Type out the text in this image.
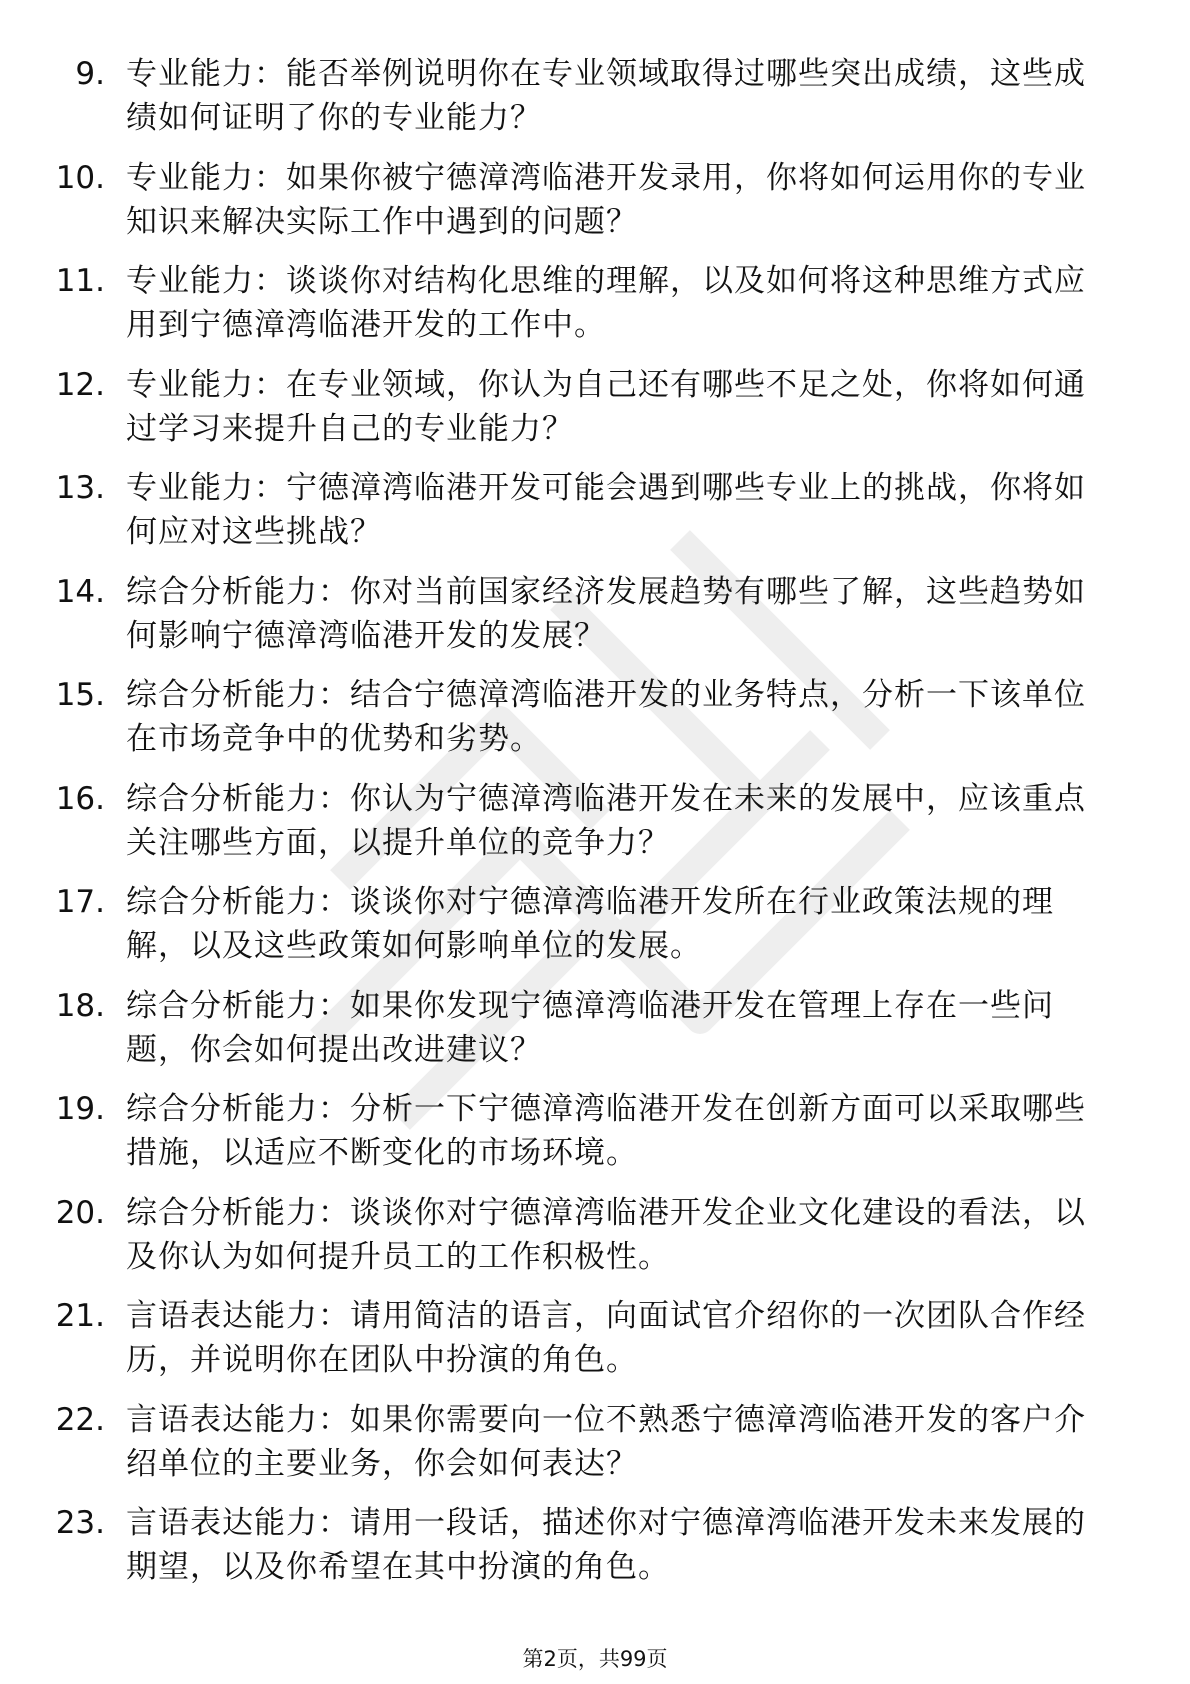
9. 专业能力：能否举例说明你在专业领域取得过哪些突出成绩，这些成绩如何证明了你的专业能力？
10. 专业能力：如果你被宁德漳湾临港开发录用，你将如何运用你的专业知识来解决实际工作中遇到的问题？
11. 专业能力：谈谈你对结构化思维的理解，以及如何将这种思维方式应用到宁德漳湾临港开发的工作中。
12. 专业能力：在专业领域，你认为自己还有哪些不足之处，你将如何通过学习来提升自己的专业能力？
13. 专业能力：宁德漳湾临港开发可能会遇到哪些专业上的挑战，你将如何应对这些挑战？
14. 综合分析能力：你对当前国家经济发展趋势有哪些了解，这些趋势如何影响宁德漳湾临港开发的发展？
15. 综合分析能力：结合宁德漳湾临港开发的业务特点，分析一下该单位在市场竞争中的优势和劣势。
16. 综合分析能力：你认为宁德漳湾临港开发在未来的发展中，应该重点关注哪些方面，以提升单位的竞争力？
17. 综合分析能力：谈谈你对宁德漳湾临港开发所在行业政策法规的理解，以及这些政策如何影响单位的发展。
18. 综合分析能力：如果你发现宁德漳湾临港开发在管理上存在一些问题，你会如何提出改进建议？
19. 综合分析能力：分析一下宁德漳湾临港开发在创新方面可以采取哪些措施，以适应不断变化的市场环境。
20. 综合分析能力：谈谈你对宁德漳湾临港开发企业文化建设的看法，以及你认为如何提升员工的工作积极性。
21. 言语表达能力：请用简洁的语言，向面试官介绍你的一次团队合作经历，并说明你在团队中扮演的角色。
22. 言语表达能力：如果你需要向一位不熟悉宁德漳湾临港开发的客户介绍单位的主要业务，你会如何表达？
23. 言语表达能力：请用一段话，描述你对宁德漳湾临港开发未来发展的期望，以及你希望在其中扮演的角色。
第2页，共99页
